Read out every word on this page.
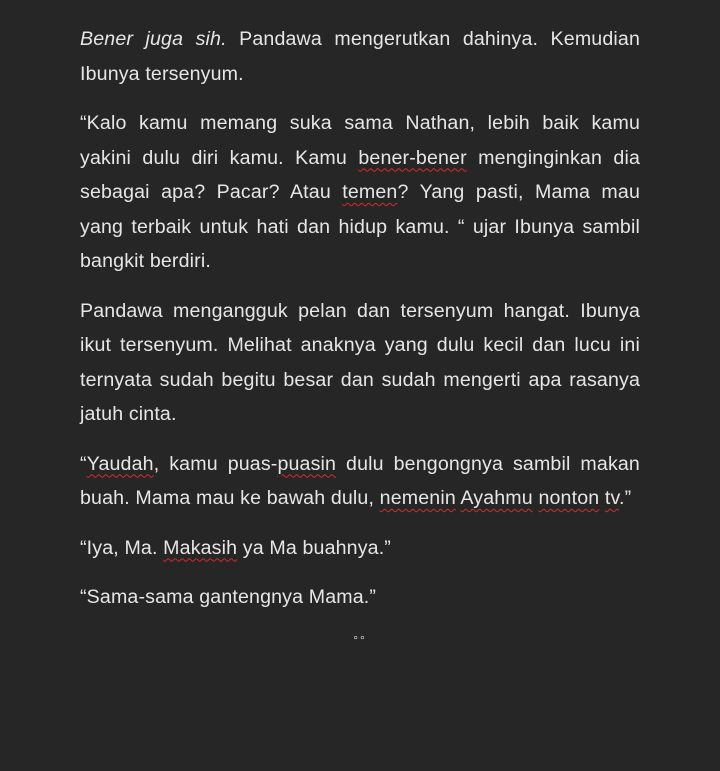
Bener juga sih. Pandawa mengerutkan dahinya. Kemudian Ibunya tersenyum.

“Kalo kamu memang suka sama Nathan, lebih baik kamu yakini dulu diri kamu. Kamu bener-bener menginginkan dia sebagai apa? Pacar? Atau temen? Yang pasti, Mama mau yang terbaik untuk hati dan hidup kamu. “ ujar Ibunya sambil bangkit berdiri.

Pandawa mengangguk pelan dan tersenyum hangat. Ibunya ikut tersenyum. Melihat anaknya yang dulu kecil dan lucu ini ternyata sudah begitu besar dan sudah mengerti apa rasanya jatuh cinta.

“Yaudah, kamu puas-puasin dulu bengongnya sambil makan buah. Mama mau ke bawah dulu, nemenin Ayahmu nonton tv.”

“Iya, Ma. Makasih ya Ma buahnya.”

“Sama-sama gantengnya Mama.”

°°
